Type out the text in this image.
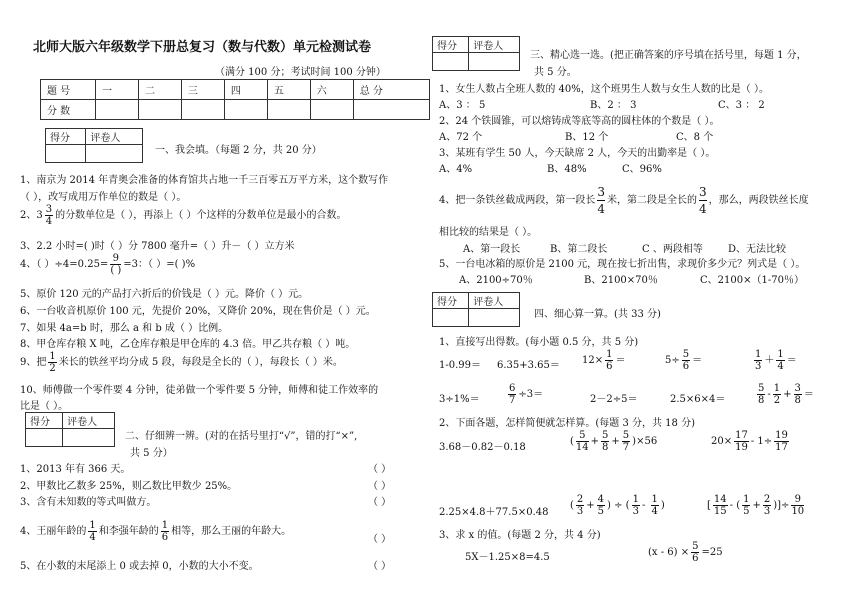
北师大版六年级数学下册总复习（数与代数）单元检测试卷
（满分 100 分；考试时间 100 分钟）
题 号	一	二	三	四	五	六	总 分
分 数							
得分	评卷人

一、我会填。（每题 2 分，共 20 分）
1、南京为 2014 年青奥会准备的体育馆共占地一千三百零五万平方米，这个数写作
（ ），改写成用万作单位的数是（ ）。
2、$3 \frac{3}{4}$ 的分数单位是（ ），再添上（ ）个这样的分数单位是最小的合数。
3、2.2 小时=( )时（ ）分 7800 毫升=（ ）升－（ ）立方米
4、（ ）$\div 4=0.25= \frac{9}{( )} =3$：（ ）=( )%
5、原价 120 元的产品打六折后的价钱是（ ）元。降价（ ）元。
6、一台收音机原价 100 元，先提价 20%，又降价 20%，现在售价是（ ）元。
7、如果 4a=b 时，那么 a 和 b 成（ ）比例。
8、甲仓库存粮 X 吨，乙仓库存粮是甲仓库的 4.3 倍。甲乙共存粮（ ）吨。
9、把 $\frac{1}{2}$ 米长的铁丝平均分成 5 段，每段是全长的（ ），每段长（ ）米。
10、师傅做一个零件要 4 分钟，徒弟做一个零件要 5 分钟，师傅和徒工作效率的
比是（ ）。
得分	评卷人

二、仔细辨一辨。(对的在括号里打“√”，错的打“×”,
共 5 分）
1、2013 年有 366 天。	（ ）
2、甲数比乙数多 25%，则乙数比甲数少 25%。	（ ）
3、含有未知数的等式叫做方。	（ ）
4、王丽年龄的 $\frac{1}{4}$ 和李强年龄的 $\frac{1}{6}$ 相等，那么王丽的年龄大。
（ ）
5、在小数的末尾添上 0 或去掉 0，小数的大小不变。	（ ）
得分	评卷人

三、精心选一选。(把正确答案的序号填在括号里，每题 1 分，
共 5 分。
1、女生人数占全班人数的 40%，这个班男生人数与女生人数的比是（ ）。
A、3 ： 5	B、2 ： 3	C、3 ： 2
2、24 个铁圆锥，可以熔铸成等底等高的圆柱体的个数是（ ）。
A、72 个	B、12 个	C、8 个
3、某班有学生 50 人，今天缺席 2 人，今天的出勤率是（ ）。
A、4%	B、48%	C、96%
4、把一条铁丝截成两段，第一段长 $\frac{3}{4}$ 米，第二段是全长的 $\frac{3}{4}$ ，那么，两段铁丝长度
相比较的结果是（ ）。
A、第一段长	B、第二段长	C 、两段相等	D、无法比较
5、一台电冰箱的原价是 2100 元，现在按七折出售，求现价多少元？列式是（ ）。
A、2100÷70％	B、2100×70％	C、2100×（1-70％）
得分	评卷人

四、细心算一算。(共 33 分)
1、直接写出得数。(每小题 0.5 分，共 5 分)
$1-0.99= 6.35+3.65= 12\times \frac{1}{6}$ ＝	$5\div \frac{5}{6}$ ＝	$\frac{1}{3} + \frac{1}{4}$ ＝
3÷1%＝	$\frac{6}{7} \div 3=$	2－2÷5＝	2.5×6×4＝	$\frac{5}{8} - \frac{1}{2} + \frac{3}{8}$ ＝
2、下面各题，怎样简便就怎样算。(每题 3 分，共 18 分)
3.68－0.82－0.18
( $\frac{5}{14} + \frac{5}{8} + \frac{5}{7} )\times 56$	$20\times \frac{17}{19} - 1\div \frac{19}{17}$
2.25×4.8＋77.5×0.48
( $\frac{2}{3} + \frac{4}{5}$ ) ÷ ( $\frac{1}{3} - \frac{1}{4}$ )	[ $\frac{14}{15}$ - ( $\frac{1}{5} + \frac{2}{3}$ )]÷ $\frac{9}{10}$
3、求 x 的值。(每题 2 分，共 4 分)
5X－1.25×8=4.5	$(x - 6) \times \frac{5}{6} =25$
